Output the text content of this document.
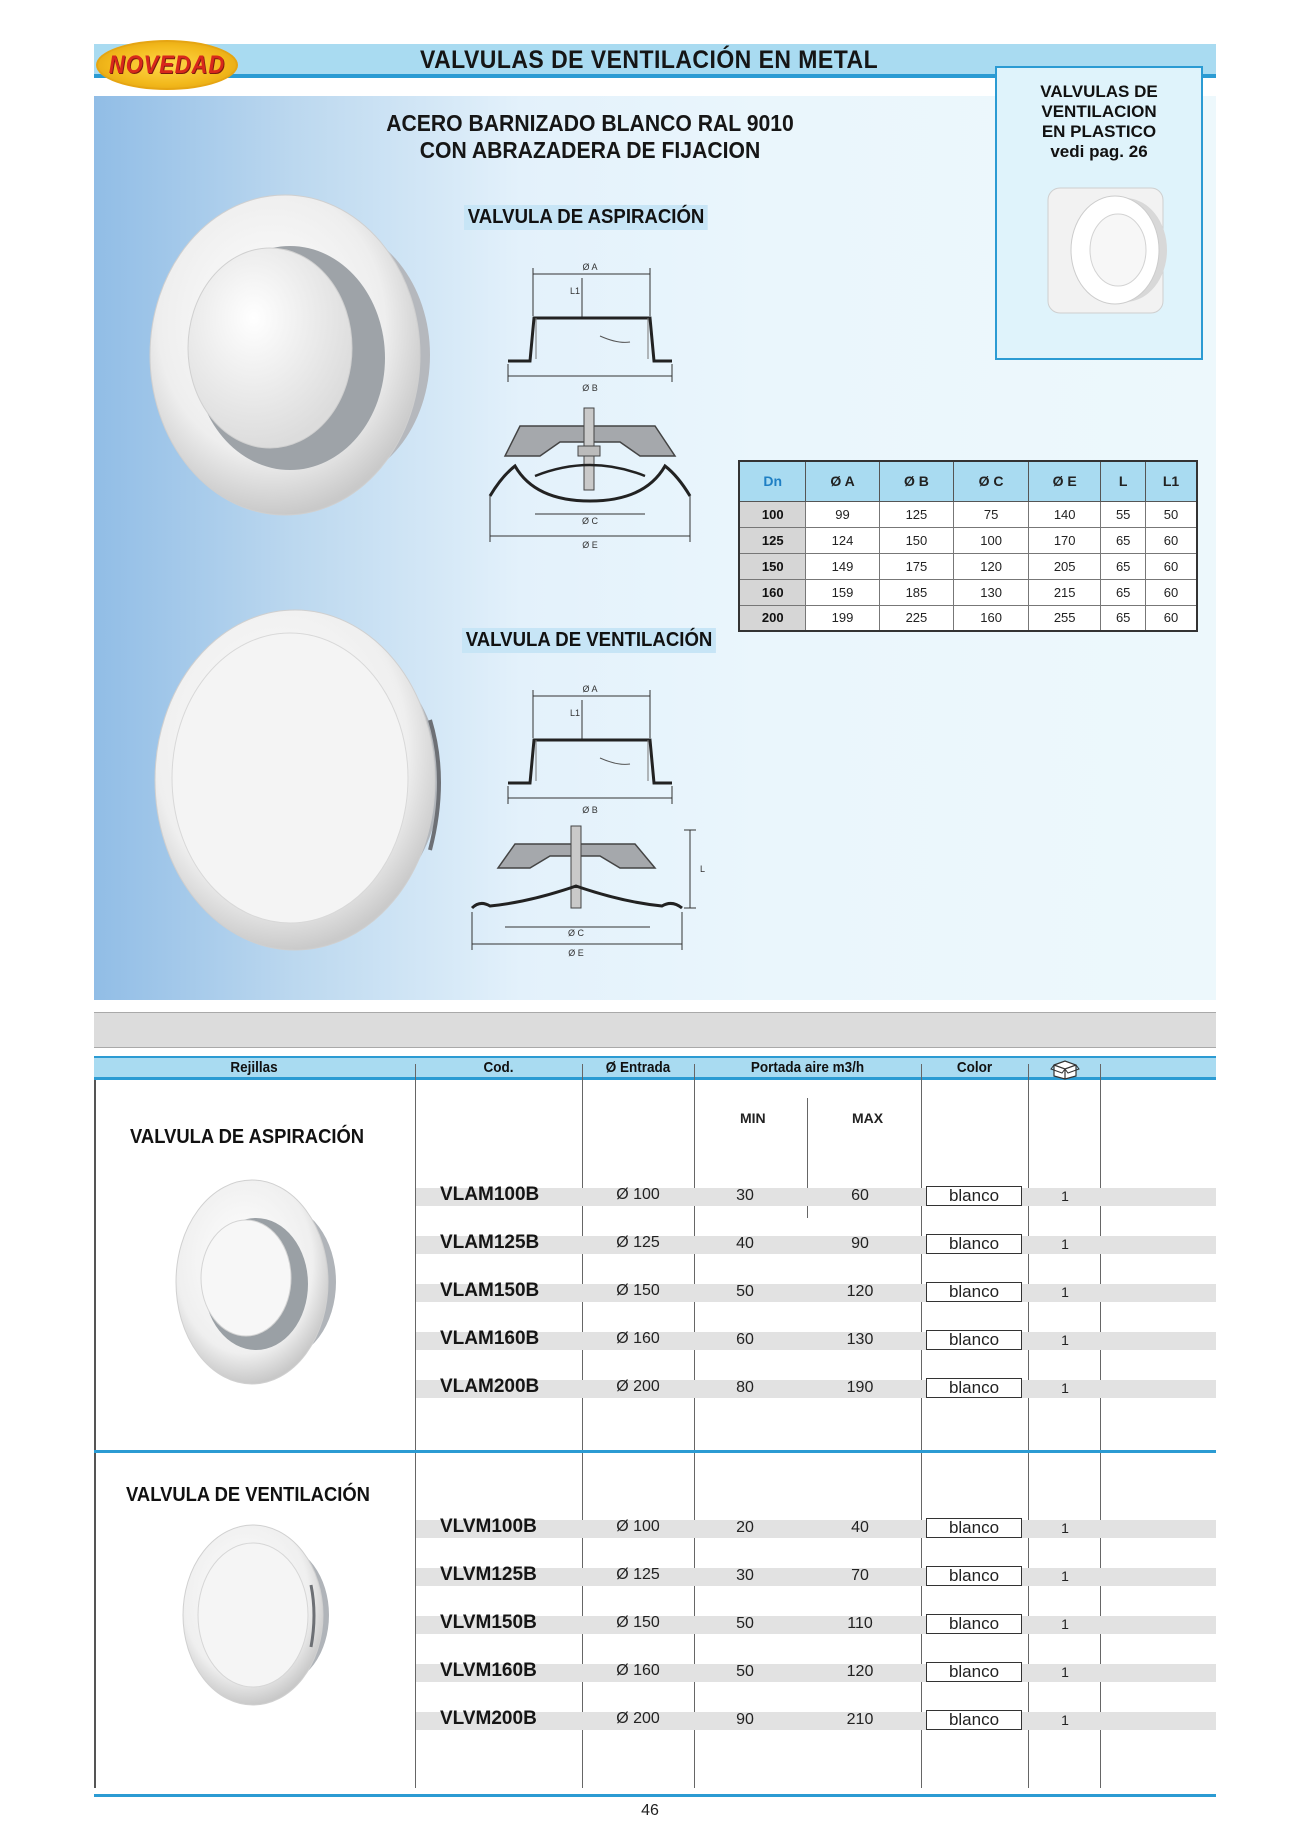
NOVEDAD	VALVULAS DE VENTILACIÓN EN METAL
ACERO BARNIZADO BLANCO RAL 9010
CON ABRAZADERA DE FIJACION
VALVULAS DE
VENTILACION
EN PLASTICO
vedi pag. 26
VALVULA DE ASPIRACIÓN
VALVULA DE VENTILACIÓN
Ø A
L1
Ø B
Ø C
Ø E
Ø A
L1
Ø B
L
Ø C
Ø E
Dn	Ø A	Ø B	Ø C	Ø E	L	L1
100	99	125	75	140	55	50
125	124	150	100	170	65	60
150	149	175	120	205	65	60
160	159	185	130	215	65	60
200	199	225	160	255	65	60
Rejillas	Cod.	Ø Entrada	Portada aire m3/h	Color
MIN	MAX
VALVULA DE ASPIRACIÓN
VLAM100B	Ø 100	30	60	blanco	1
VLAM125B	Ø 125	40	90	blanco	1
VLAM150B	Ø 150	50	120	blanco	1
VLAM160B	Ø 160	60	130	blanco	1
VLAM200B	Ø 200	80	190	blanco	1
VALVULA DE VENTILACIÓN
VLVM100B	Ø 100	20	40	blanco	1
VLVM125B	Ø 125	30	70	blanco	1
VLVM150B	Ø 150	50	110	blanco	1
VLVM160B	Ø 160	50	120	blanco	1
VLVM200B	Ø 200	90	210	blanco	1
46
